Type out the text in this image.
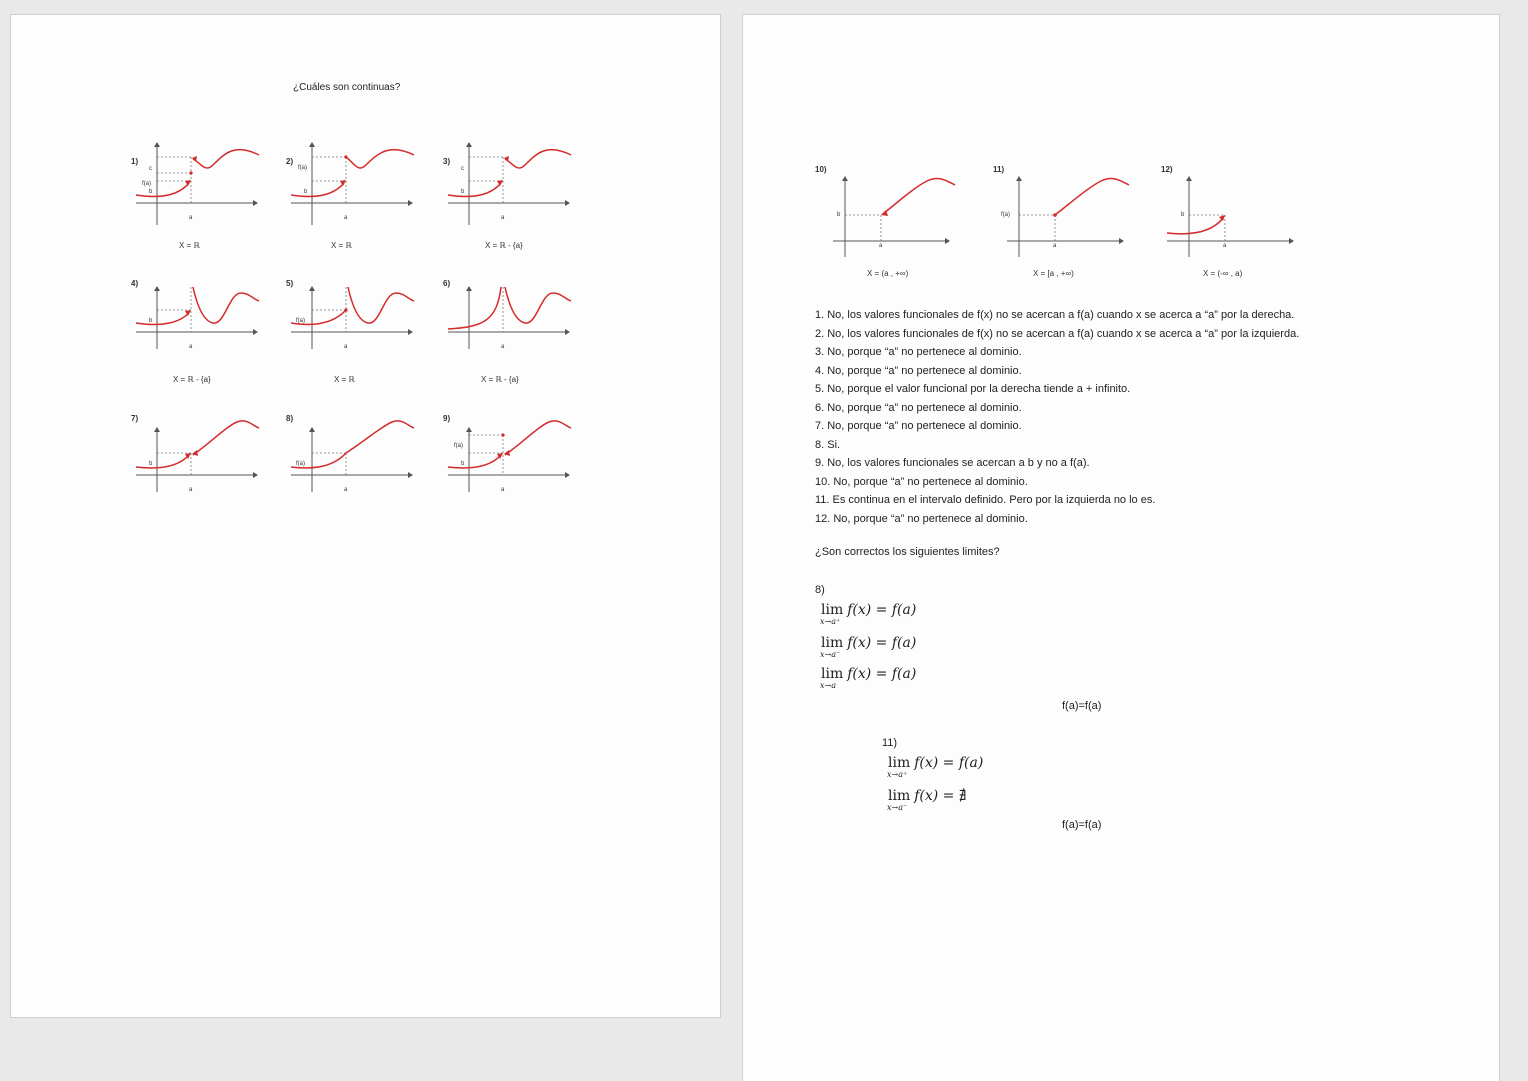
¿Cuáles son continuas?
1)
c
f(a)
b
a
X = ℝ
2)
f(a)
b
a
X = ℝ
3)
c
b
a
X = ℝ - {a}
4)
b
a
X = ℝ - {a}
5)
f(a)
a
X = ℝ
6)
a
X = ℝ - {a}
7)
b
a
8)
f(a)
a
9)
f(a)
b
a
10)
b
a
X = (a , +∞)
11)
f(a)
a
X = [a , +∞)
12)
b
a
X = (-∞ , a)
1. No, los valores funcionales de f(x) no se acercan a f(a) cuando x se acerca a “a” por la derecha.
2. No, los valores funcionales de f(x) no se acercan a f(a) cuando x se acerca a “a” por la izquierda.
3. No, porque “a” no pertenece al dominio.
4. No, porque “a” no pertenece al dominio.
5. No, porque el valor funcional por la derecha tiende a + infinito.
6. No, porque “a” no pertenece al dominio.
7. No, porque “a” no pertenece al dominio.
8. Si.
9. No, los valores funcionales se acercan a b y no a f(a).
10. No, porque “a” no pertenece al dominio.
11. Es continua en el intervalo definido. Pero por la izquierda no lo es.
12. No, porque “a” no pertenece al dominio.
¿Son correctos los siguientes limites?
8)
lim
x→a⁺
f(x) = f(a)
lim
x→a⁻
f(x) = f(a)
lim
x→a
f(x) = f(a)
f(a)=f(a)
11)
lim
x→a⁺
f(x) = f(a)
lim
x→a⁻
f(x) = ∄
f(a)=f(a)
